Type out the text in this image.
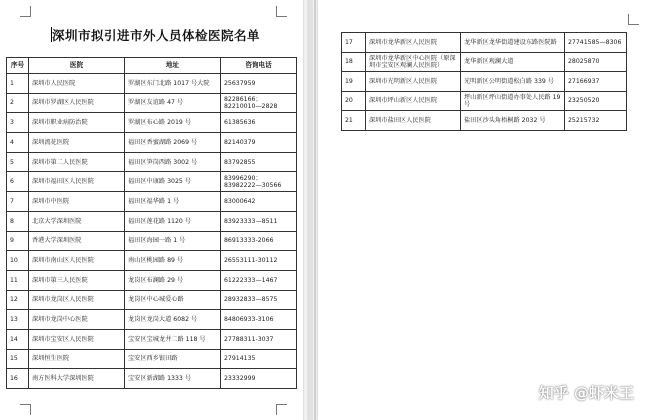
深圳市拟引进市外人员体检医院名单
序号	医院	地址	咨询电话
1	深圳市人民医院	罗湖区东门北路 1017 号大院	25637959

2	深圳市罗湖区人民医院	罗湖区友谊路 47 号	82286166；
82210010—2828

3	深圳市职业病防治院	罗湖区布心路 2019 号	61385636

4	深圳流花医院	福田区香蜜湖路 2069 号	82140379

5	深圳市第二人民医院	福田区笋岗西路 3002 号	83792855

6	深圳市福田区人民医院	福田区中康路 3025 号	83996290；
83982222—30566

7	深圳市中医院	福田区福华路 1 号	83000642

8	北京大学深圳医院	福田区莲花路 1120 号	83923333—8511

9	香港大学深圳医院	福田区海园一路 1 号	86913333-2066

10	深圳市南山区人民医院	南山区桃园路 89 号	26553111-30112

11	深圳市第三人民医院	龙岗区布澜路 29 号	61222333—1467

12	深圳市龙岗区人民医院	龙岗区中心城爱心路	28932833—8575

13	深圳市龙岗中心医院	龙岗区龙岗大道 6082 号	84806933-3106

14	深圳市宝安区人民医院	宝安区宝城龙井二路 118 号	27788311-3037

15	深圳恒生医院	宝安区西乡银田路	27914135

16	南方医科大学深圳医院	宝安区新湖路 1333 号	23332999
17	深圳市龙华新区人民医院	龙华新区龙华街道建设东路医院路	27741585—8306

18	深圳市龙华新区中心医院（原深圳市宝安区观澜人民医院）	龙华新区观澜大道	28025870

19	深圳市光明新区人民医院	光明新区公明街道松白路 339 号	27166937

20	深圳市坪山新区人民医院	坪山新区坪山街道办事处人民路 19 号	23250520

21	深圳市盐田区人民医院	盐田区沙头角梧桐路 2032 号	25215732
知乎 @虾米王
